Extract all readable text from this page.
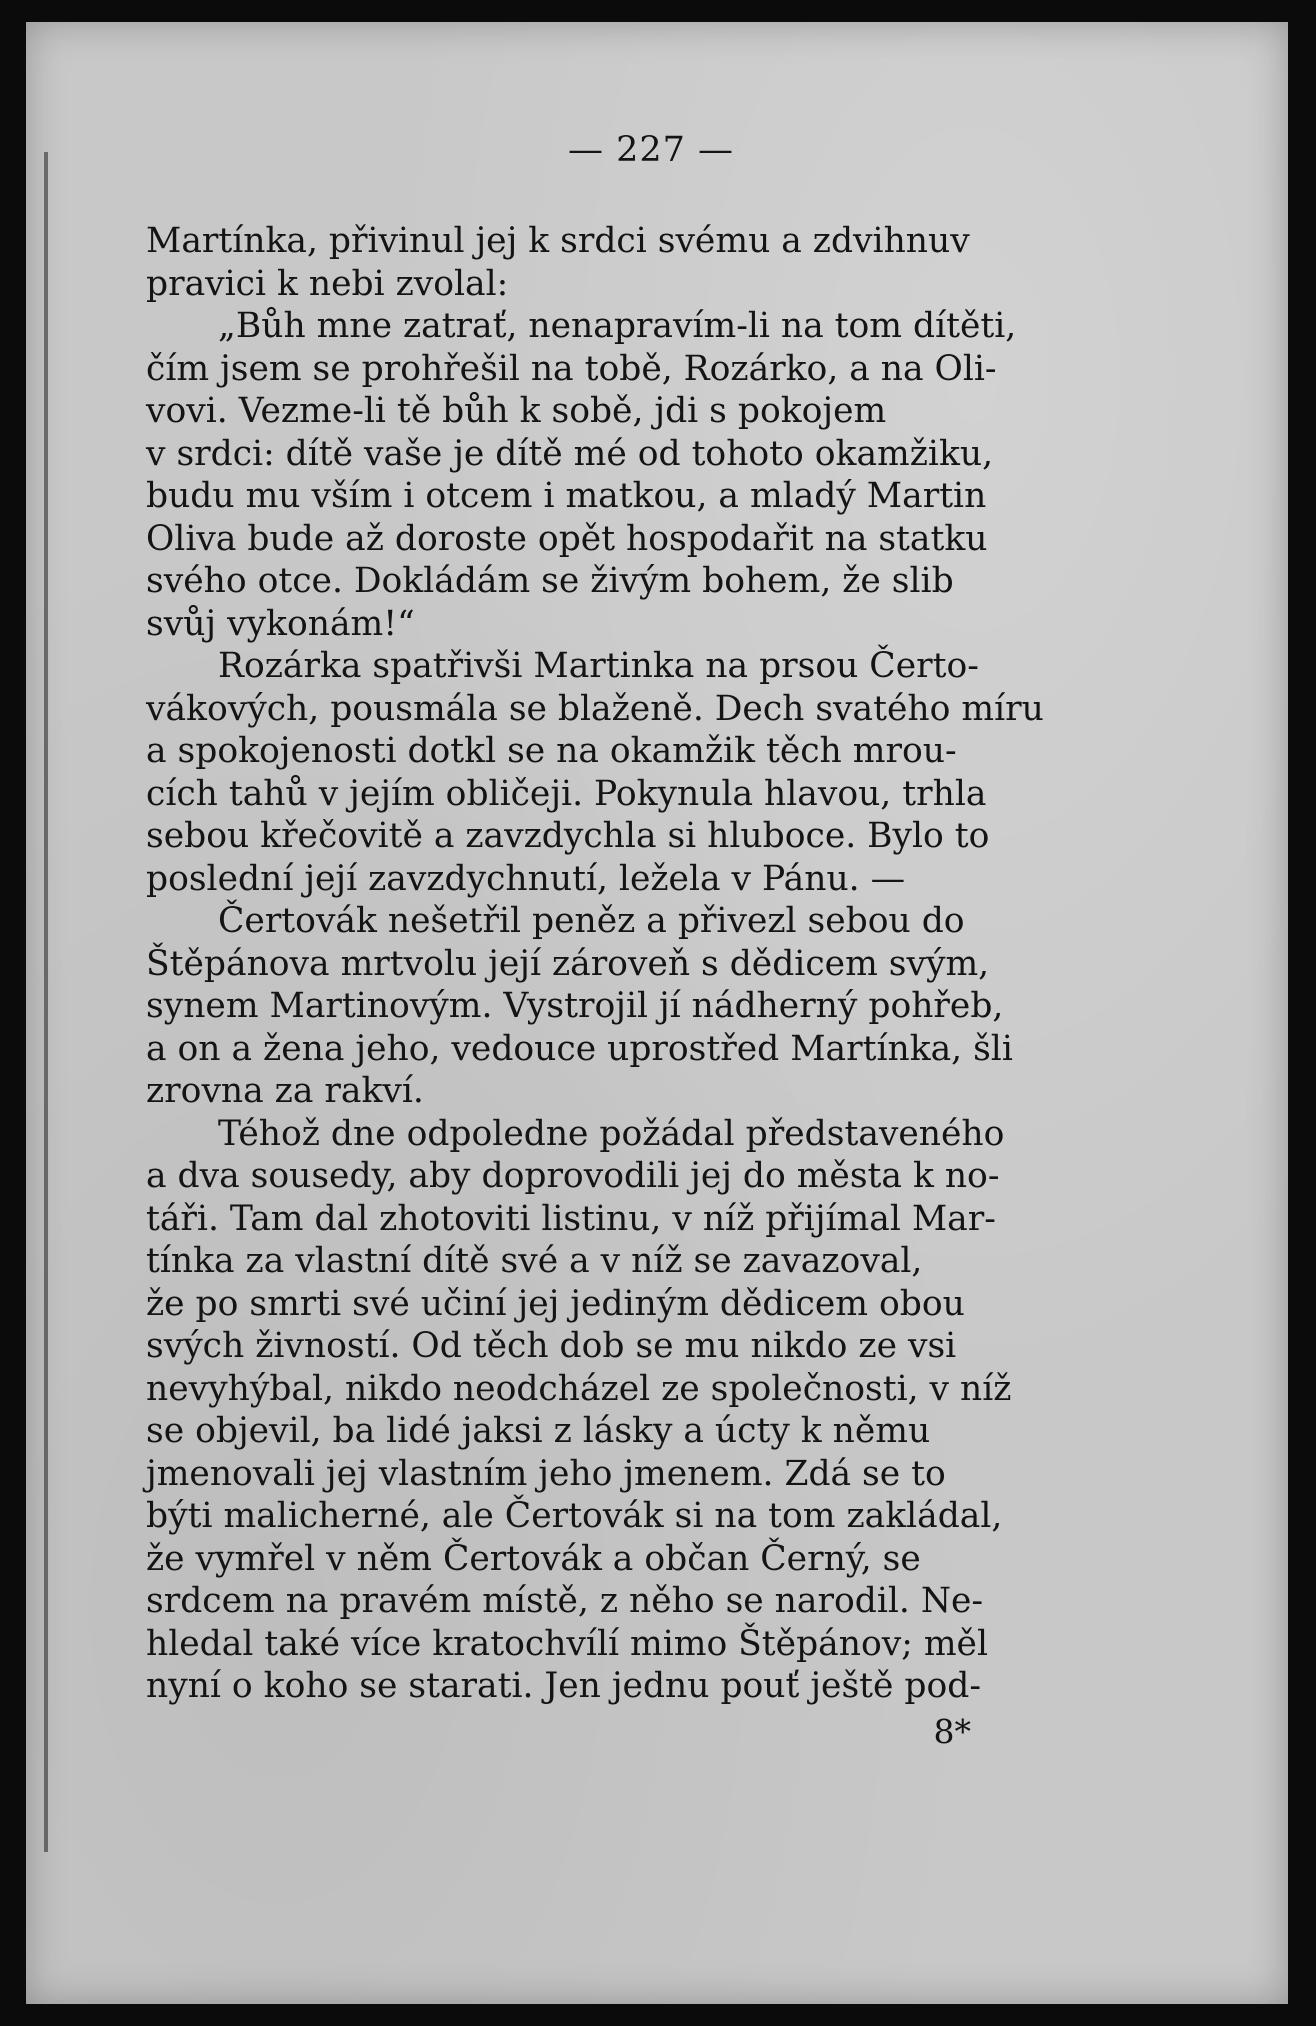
— 227 —

Martínka, přivinul jej k srdci svému a zdvihnuv
pravici k nebi zvolal:

„Bůh mne zatrať, nenapravím-li na tom dítěti,
čím jsem se prohřešil na tobě, Rozárko, a na Oli-
vovi. Vezme-li tě bůh k sobě, jdi s pokojem
v srdci: dítě vaše je dítě mé od tohoto okamžiku,
budu mu vším i otcem i matkou, a mladý Martin
Oliva bude až doroste opět hospodařit na statku
svého otce. Dokládám se živým bohem, že slib
svůj vykonám!“

Rozárka spatřivši Martinka na prsou Čerto-
vákových, pousmála se blaženě. Dech svatého míru
a spokojenosti dotkl se na okamžik těch mrou-
cích tahů v jejím obličeji. Pokynula hlavou, trhla
sebou křečovitě a zavzdychla si hluboce. Bylo to
poslední její zavzdychnutí, ležela v Pánu. —

Čertovák nešetřil peněz a přivezl sebou do
Štěpánova mrtvolu její zároveň s dědicem svým,
synem Martinovým. Vystrojil jí nádherný pohřeb,
a on a žena jeho, vedouce uprostřed Martínka, šli
zrovna za rakví.

Téhož dne odpoledne požádal představeného
a dva sousedy, aby doprovodili jej do města k no-
táři. Tam dal zhotoviti listinu, v níž přijímal Mar-
tínka za vlastní dítě své a v níž se zavazoval,
že po smrti své učiní jej jediným dědicem obou
svých živností. Od těch dob se mu nikdo ze vsi
nevyhýbal, nikdo neodcházel ze společnosti, v níž
se objevil, ba lidé jaksi z lásky a úcty k němu
jmenovali jej vlastním jeho jmenem. Zdá se to
býti malicherné, ale Čertovák si na tom zakládal,
že vymřel v něm Čertovák a občan Černý, se
srdcem na pravém místě, z něho se narodil. Ne-
hledal také více kratochvílí mimo Štěpánov; měl
nyní o koho se starati. Jen jednu pouť ještě pod-

8*
